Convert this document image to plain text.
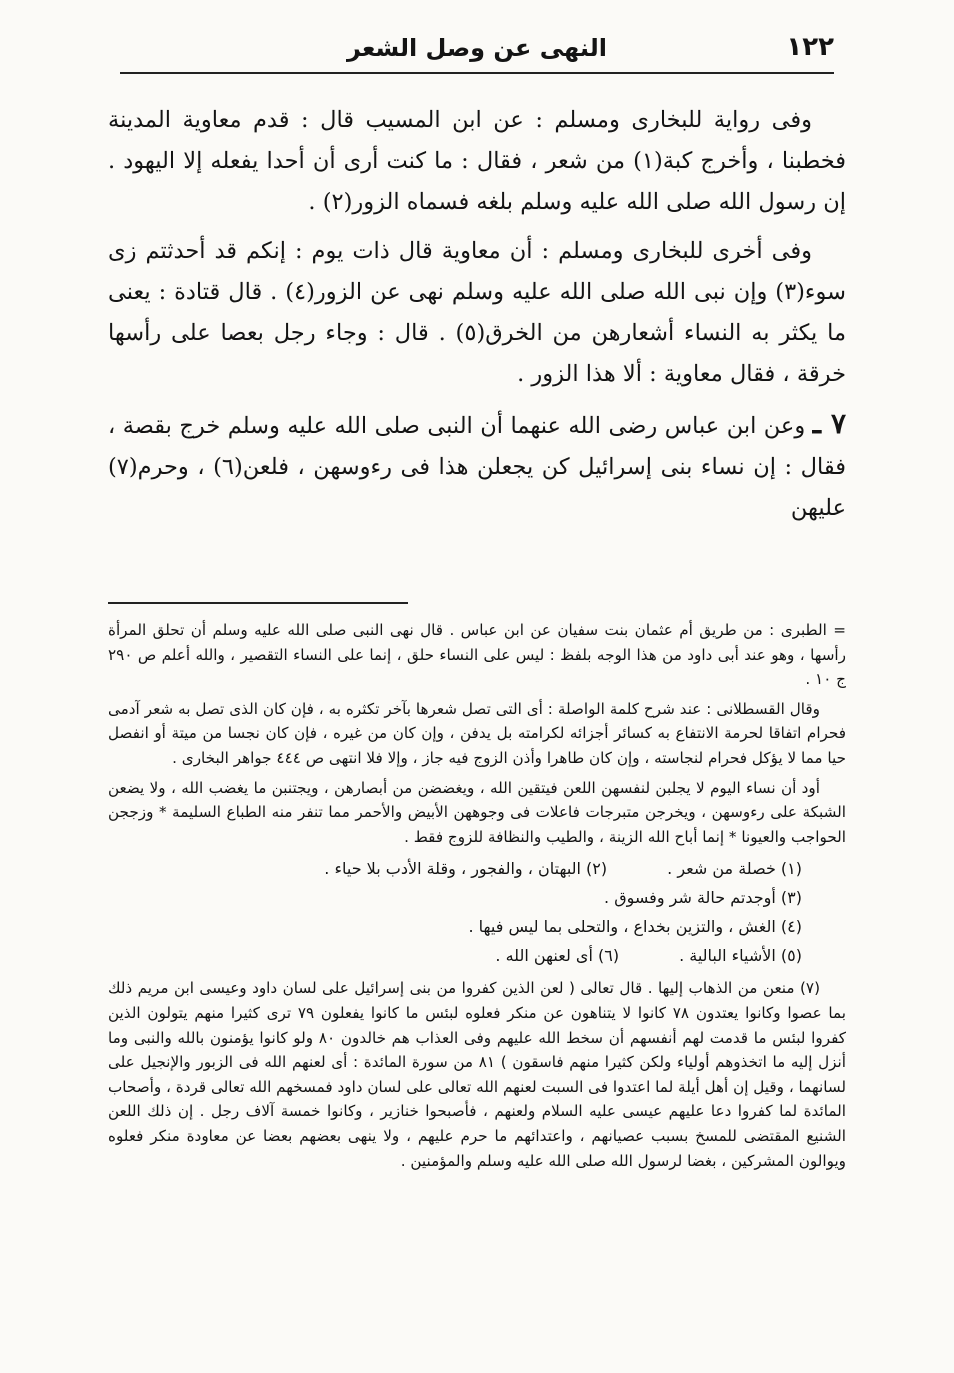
١٢٢
النهى عن وصل الشعر

وفى رواية للبخارى ومسلم : عن ابن المسيب قال : قدم معاوية المدينة فخطبنا ، وأخرج كبة(١) من شعر ، فقال : ما كنت أرى أن أحدا يفعله إلا اليهود . إن رسول الله صلى الله عليه وسلم بلغه فسماه الزور(٢) .

وفى أخرى للبخارى ومسلم : أن معاوية قال ذات يوم : إنكم قد أحدثتم زى سوء(٣) وإن نبى الله صلى الله عليه وسلم نهى عن الزور(٤) . قال قتادة : يعنى ما يكثر به النساء أشعارهن من الخرق(٥) . قال : وجاء رجل بعصا على رأسها خرقة ، فقال معاوية : ألا هذا الزور .

٧ ـ وعن ابن عباس رضى الله عنهما أن النبى صلى الله عليه وسلم خرج بقصة ، فقال : إن نساء بنى إسرائيل كن يجعلن هذا فى رءوسهن ، فلعن(٦) ، وحرم(٧) عليهن

= الطبرى : من طريق أم عثمان بنت سفيان عن ابن عباس . قال نهى النبى صلى الله عليه وسلم أن تحلق المرأة رأسها ، وهو عند أبى داود من هذا الوجه بلفظ : ليس على النساء حلق ، إنما على النساء التقصير ، والله أعلم ص ٢٩٠ ج ١٠ .

وقال القسطلانى : عند شرح كلمة الواصلة : أى التى تصل شعرها بآخر تكثره به ، فإن كان الذى تصل به شعر آدمى فحرام اتفاقا لحرمة الانتفاع به كسائر أجزائه لكرامته بل يدفن ، وإن كان من غيره ، فإن كان نجسا من ميتة أو انفصل حيا مما لا يؤكل فحرام لنجاسته ، وإن كان طاهرا وأذن الزوج فيه جاز ، وإلا فلا انتهى ص ٤٤٤ جواهر البخارى .

أود أن نساء اليوم لا يجلبن لنفسهن اللعن فيتقين الله ، ويغضضن من أبصارهن ، ويجتنبن ما يغضب الله ، ولا يضعن الشبكة على رءوسهن ، ويخرجن متبرجات فاعلات فى وجوههن الأبيض والأحمر مما تنفر منه الطباع السليمة * وزججن الحواجب والعيونا * إنما أباح الله الزينة ، والطيب والنظافة للزوج فقط .

(١) خصلة من شعر .(٢) البهتان ، والفجور ، وقلة الأدب بلا حياء .
(٣) أوجدتم حالة شر وفسوق .
(٤) الغش ، والتزين بخداع ، والتحلى بما ليس فيها .
(٥) الأشياء البالية .(٦) أى لعنهن الله .

(٧) منعن من الذهاب إليها . قال تعالى ( لعن الذين كفروا من بنى إسرائيل على لسان داود وعيسى ابن مريم ذلك بما عصوا وكانوا يعتدون ٧٨ كانوا لا يتناهون عن منكر فعلوه لبئس ما كانوا يفعلون ٧٩ ترى كثيرا منهم يتولون الذين كفروا لبئس ما قدمت لهم أنفسهم أن سخط الله عليهم وفى العذاب هم خالدون ٨٠ ولو كانوا يؤمنون بالله والنبى وما أنزل إليه ما اتخذوهم أولياء ولكن كثيرا منهم فاسقون ) ٨١ من سورة المائدة : أى لعنهم الله فى الزبور والإنجيل على لسانهما ، وقيل إن أهل أيلة لما اعتدوا فى السبت لعنهم الله تعالى على لسان داود فمسخهم الله تعالى قردة ، وأصحاب المائدة لما كفروا دعا عليهم عيسى عليه السلام ولعنهم ، فأصبحوا خنازير ، وكانوا خمسة آلاف رجل . إن ذلك اللعن الشنيع المقتضى للمسخ بسبب عصيانهم ، واعتدائهم ما حرم عليهم ، ولا ينهى بعضهم بعضا عن معاودة منكر فعلوه ويوالون المشركين ، بغضا لرسول الله صلى الله عليه وسلم والمؤمنين .
